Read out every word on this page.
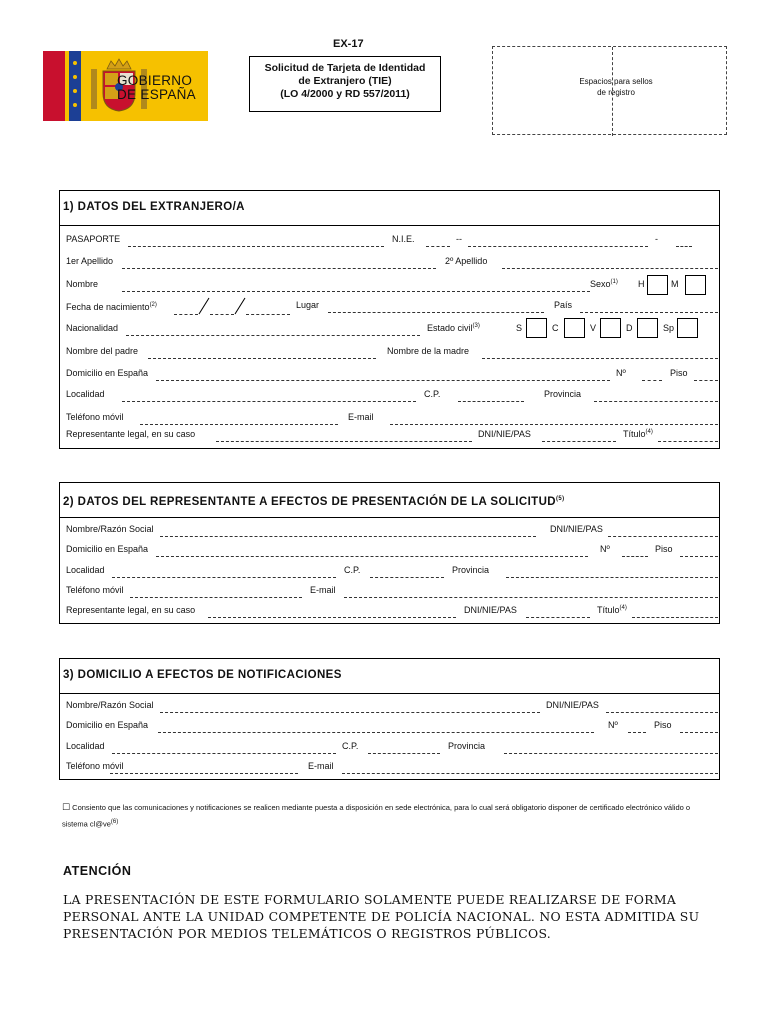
GOBIERNO
DE ESPAÑA
EX-17
Solicitud de Tarjeta de Identidad
de Extranjero (TIE)
(LO 4/2000 y RD 557/2011)
Espacios para sellos
de registro
1) DATOS DEL EXTRANJERO/A
PASAPORTE	N.I.E.	--	-
1er Apellido	2º Apellido
Nombre	Sexo$^{(1)}$ H	M
Fecha de nacimiento$^{(2)}$	Lugar	País
Nacionalidad	Estado civil$^{(3)}$	S	C	V	D	Sp
Nombre del padre	Nombre de la madre
Domicilio en España	Nº	Piso
Localidad	C.P.	Provincia
Teléfono móvil	E-mail
Representante legal, en su caso	DNI/NIE/PAS	Título$^{(4)}$
2) DATOS DEL REPRESENTANTE A EFECTOS DE PRESENTACIÓN DE LA SOLICITUD$^{(5)}$
Nombre/Razón Social	DNI/NIE/PAS
Domicilio en España	Nº	Piso
Localidad	C.P.	Provincia
Teléfono móvil	E-mail
Representante legal, en su caso	DNI/NIE/PAS	Título$^{(4)}$
3) DOMICILIO A EFECTOS DE NOTIFICACIONES
Nombre/Razón Social	DNI/NIE/PAS
Domicilio en España	Nº	Piso
Localidad	C.P.	Provincia
Teléfono móvil	E-mail
☐ Consiento que las comunicaciones y notificaciones se realicen mediante puesta a disposición en sede electrónica, para lo cual será obligatorio disponer de certificado electrónico válido o sistema $cl@ve^{(6)}$
ATENCIÓN
LA PRESENTACIÓN DE ESTE FORMULARIO SOLAMENTE PUEDE REALIZARSE DE FORMA PERSONAL ANTE LA UNIDAD COMPETENTE DE POLICÍA NACIONAL. NO ESTA ADMITIDA SU PRESENTACIÓN POR MEDIOS TELEMÁTICOS O REGISTROS PÚBLICOS.
